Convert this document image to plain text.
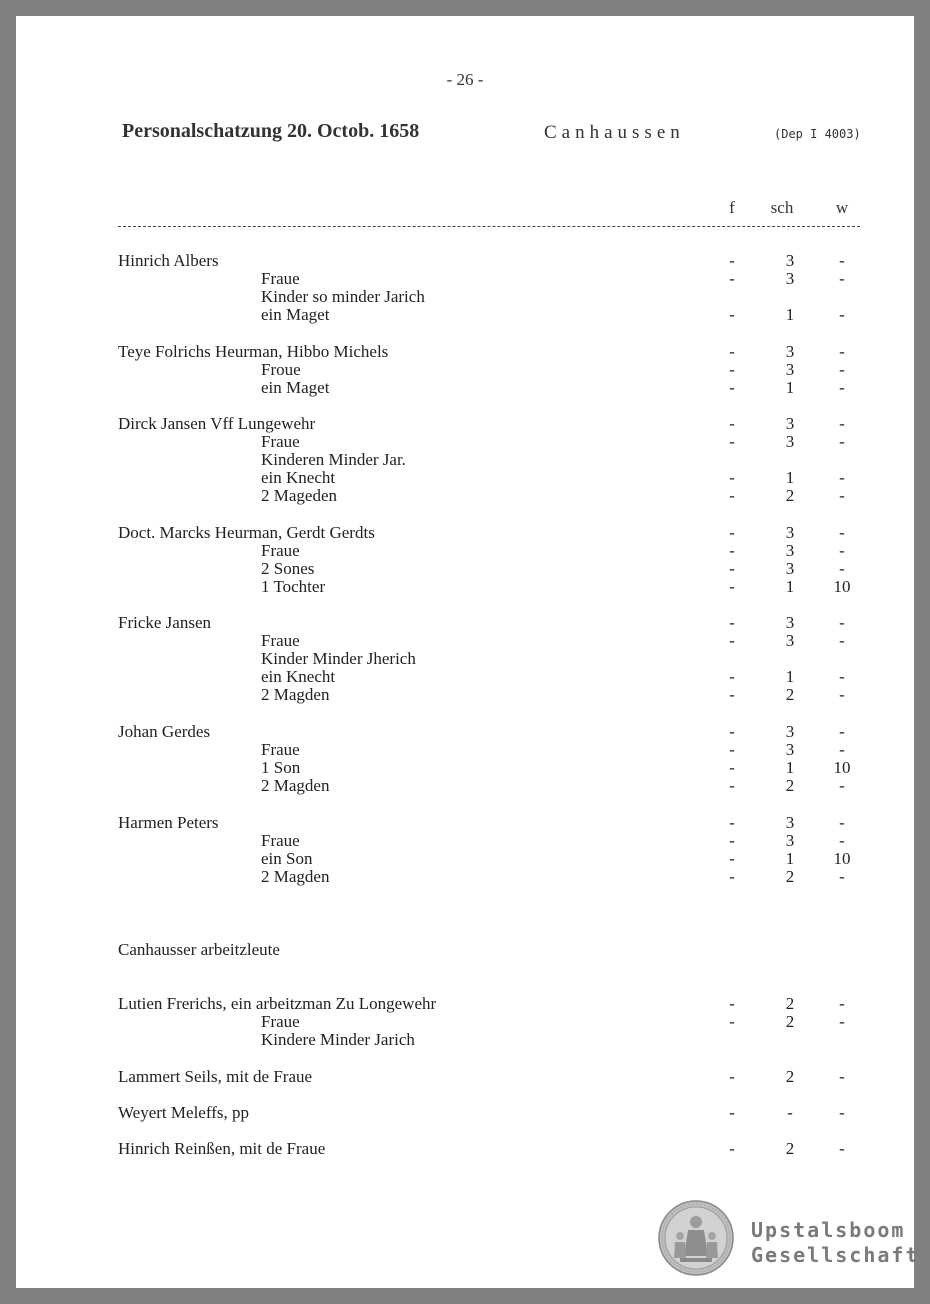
- 26 -
Personalschatzung 20. Octob. 1658	Canhaussen	(Dep I 4003)
f	sch	w
Hinrich Albers	-	3	-
Fraue	-	3	-
Kinder so minder Jarich
ein Maget	-	1	-
Teye Folrichs Heurman, Hibbo Michels	-	3	-
Froue	-	3	-
ein Maget	-	1	-
Dirck Jansen Vff Lungewehr	-	3	-
Fraue	-	3	-
Kinderen Minder Jar.
ein Knecht	-	1	-
2 Mageden	-	2	-
Doct. Marcks Heurman, Gerdt Gerdts	-	3	-
Fraue	-	3	-
2 Sones	-	3	-
1 Tochter	-	1	10
Fricke Jansen	-	3	-
Fraue	-	3	-
Kinder Minder Jherich
ein Knecht	-	1	-
2 Magden	-	2	-
Johan Gerdes	-	3	-
Fraue	-	3	-
1 Son	-	1	10
2 Magden	-	2	-
Harmen Peters	-	3	-
Fraue	-	3	-
ein Son	-	1	10
2 Magden	-	2	-
Canhausser arbeitzleute
Lutien Frerichs, ein arbeitzman Zu Longewehr	-	2	-
Fraue	-	2	-
Kindere Minder Jarich
Lammert Seils, mit de Fraue	-	2	-
Weyert Meleffs, pp	-	-	-
Hinrich Reinßen, mit de Fraue	-	2	-
Upstalsboom
Gesellschaft
